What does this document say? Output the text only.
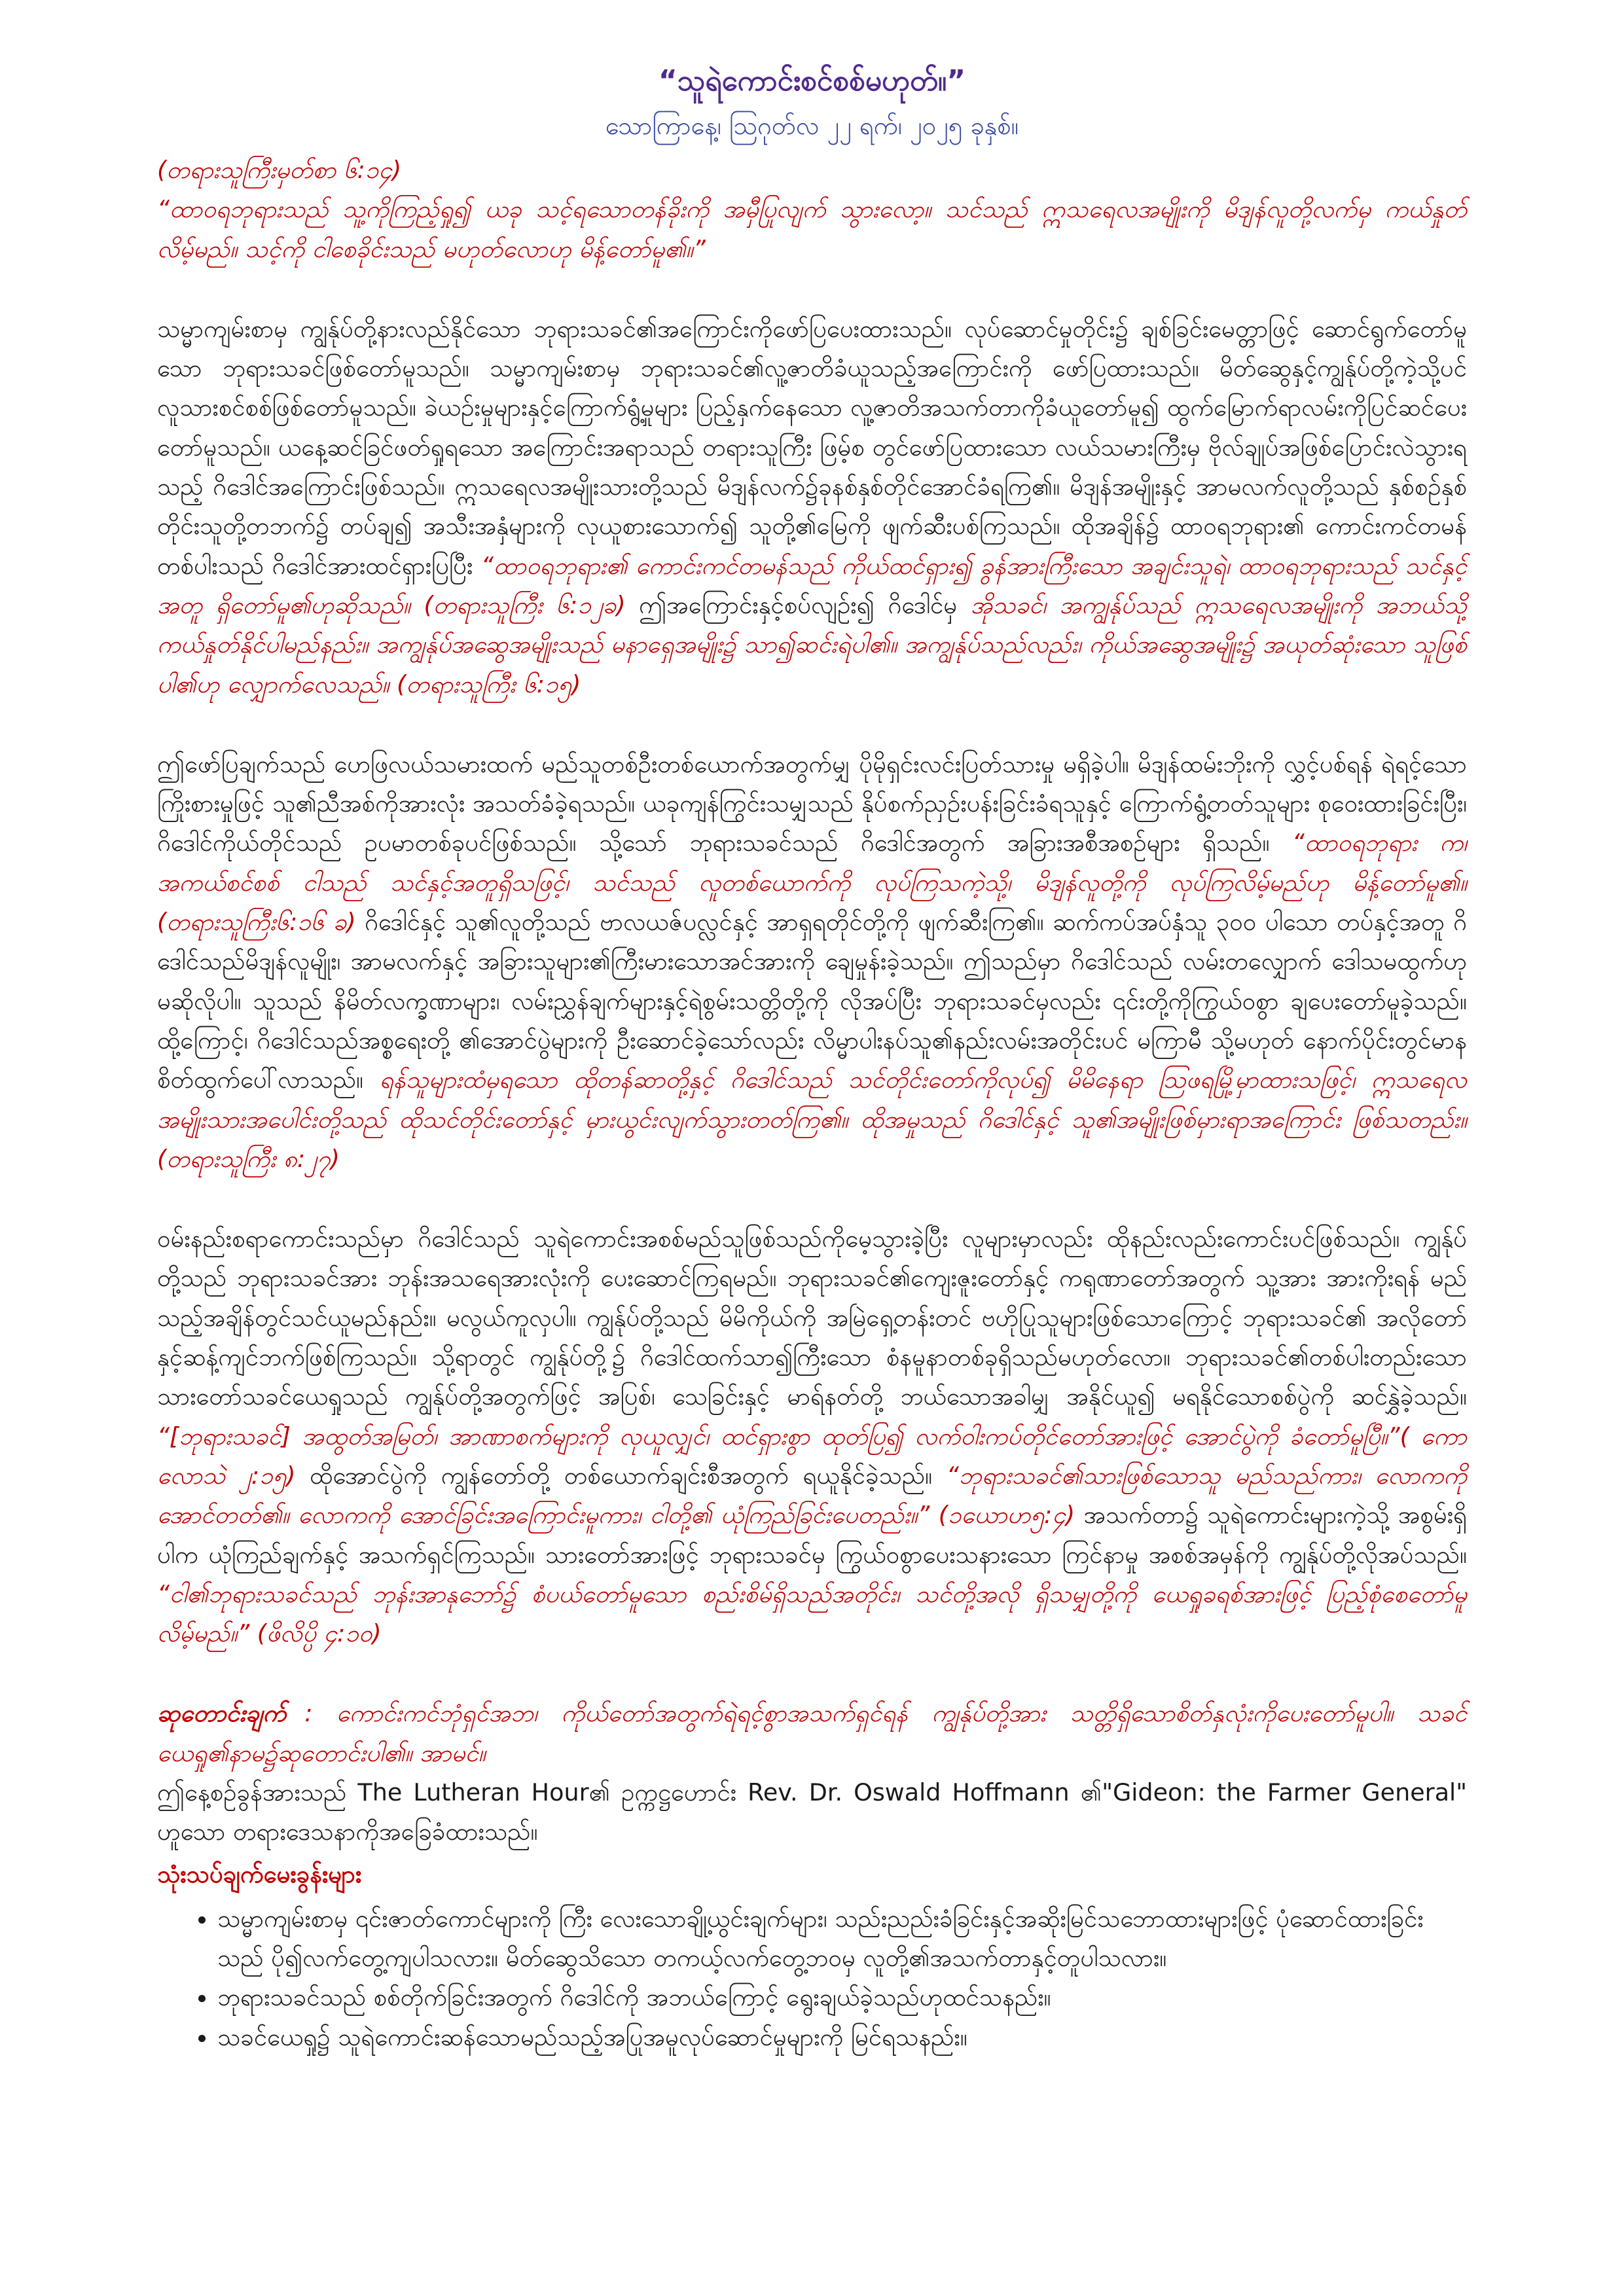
“သူရဲကောင်းစင်စစ်မဟုတ်။”
သောကြာနေ့၊ ဩဂုတ်လ ၂၂ ရက်၊ ၂၀၂၅ ခုနှစ်။

(တရားသူကြီးမှတ်စာ ၆:၁၄)

“ထာဝရဘုရားသည် သူ့ကိုကြည့်ရှု၍ ယခု သင့်ရသောတန်ခိုးကို အမှီပြုလျက် သွားလော့။ သင်သည် ဣသရေလအမျိုးကို မိဒျန်လူတို့လက်မှ ကယ်နှုတ်လိမ့်မည်။ သင့်ကို ငါစေခိုင်းသည် မဟုတ်လောဟု မိန့်တော်မူ၏။”

သမ္မာကျမ်းစာမှ ကျွန်ုပ်တို့နားလည်နိုင်သော ဘုရားသခင်၏အကြောင်းကိုဖော်ပြပေးထားသည်။ လုပ်ဆောင်မှုတိုင်း၌ ချစ်ခြင်းမေတ္တာဖြင့် ဆောင်ရွက်တော်မူသော ဘုရားသခင်ဖြစ်တော်မူသည်။ သမ္မာကျမ်းစာမှ ဘုရားသခင်၏လူ့ဇာတိခံယူသည့်အကြောင်းကို ဖော်ပြထားသည်။ မိတ်ဆွေနှင့်ကျွန်ုပ်တို့ကဲ့သို့ပင် လူသားစင်စစ်ဖြစ်တော်မူသည်။ ခဲယဉ်းမှုများနှင့်ကြောက်ရွံ့မှုများ ပြည့်နှက်နေသော လူ့ဇာတိအသက်တာကိုခံယူတော်မူ၍ ထွက်မြောက်ရာလမ်းကိုပြင်ဆင်ပေးတော်မူသည်။ ယနေ့ဆင်ခြင်ဖတ်ရှုရသော အကြောင်းအရာသည် တရားသူကြီး ဖြမ့်စ တွင်ဖော်ပြထားသော လယ်သမားကြီးမှ ဗိုလ်ချုပ်အဖြစ်ပြောင်းလဲသွားရသည့် ဂိဒေါင်အကြောင်းဖြစ်သည်။ ဣသရေလအမျိုးသားတို့သည် မိဒျန်လက်၌ခုနစ်နှစ်တိုင်အောင်ခံရကြ၏။ မိဒျန်အမျိုးနှင့် အာမလက်လူတို့သည် နှစ်စဉ်နှစ်တိုင်းသူတို့တဘက်၌ တပ်ချ၍ အသီးအနှံများကို လုယူစားသောက်၍ သူတို့၏မြေကို ဖျက်ဆီးပစ်ကြသည်။ ထိုအချိန်၌ ထာဝရဘုရား၏ ကောင်းကင်တမန်တစ်ပါးသည် ဂိဒေါင်အားထင်ရှားပြပြီး “ထာဝရဘုရား၏ ကောင်းကင်တမန်သည် ကိုယ်ထင်ရှား၍ ခွန်အားကြီးသော အချင်းသူရဲ၊ ထာဝရဘုရားသည် သင်နှင့်အတူ ရှိတော်မူ၏ဟုဆိုသည်။ (တရားသူကြီး ၆:၁၂ခ) ဤအကြောင်းနှင့်စပ်လျဥ်း၍ ဂိဒေါင်မှ အိုသခင်၊ အကျွန်ုပ်သည် ဣသရေလအမျိုးကို အဘယ်သို့ ကယ်နှုတ်နိုင်ပါမည်နည်း။ အကျွန်ုပ်အဆွေအမျိုးသည် မနာရှေအမျိုး၌ သာ၍ဆင်းရဲပါ၏။ အကျွန်ုပ်သည်လည်း၊ ကိုယ်အဆွေအမျိုး၌ အယုတ်ဆုံးသော သူဖြစ်ပါ၏ဟု လျှောက်လေသည်။ (တရားသူကြီး ၆:၁၅)

ဤဖော်ပြချက်သည် ဟေဖြလယ်သမားထက် မည်သူတစ်ဦးတစ်ယောက်အတွက်မျှ ပိုမိုရှင်းလင်းပြတ်သားမှု မရှိခဲ့ပါ။ မိဒျန်ထမ်းဘိုးကို လွှင့်ပစ်ရန် ရဲရင့်သောကြိုးစားမှုဖြင့် သူ၏ညီအစ်ကိုအားလုံး အသတ်ခံခဲ့ရသည်။ ယခုကျန်ကြွင်းသမျှသည် နိုပ်စက်ညှဉ်းပန်းခြင်းခံရသူနှင့် ကြောက်ရွံ့တတ်သူများ စုဝေးထားခြင်းပြီး၊ ဂိဒေါင်ကိုယ်တိုင်သည် ဥပမာတစ်ခုပင်ဖြစ်သည်။ သို့သော် ဘုရားသခင်သည် ဂိဒေါင်အတွက် အခြားအစီအစဉ်များ ရှိသည်။ “ထာဝရဘုရား က၊ အကယ်စင်စစ် ငါသည် သင်နှင့်အတူရှိသဖြင့်၊ သင်သည် လူတစ်ယောက်ကို လုပ်ကြသကဲ့သို့၊ မိဒျန်လူတို့ကို လုပ်ကြလိမ့်မည်ဟု မိန့်တော်မူ၏။ (တရားသူကြီး၆:၁၆ ခ) ဂိဒေါင်နှင့် သူ၏လူတို့သည် ဗာလယဇ်ပလ္လင်နှင့် အာရှရတိုင်တို့ကို ဖျက်ဆီးကြ၏။ ဆက်ကပ်အပ်နှံသူ ၃၀၀ ပါသော တပ်နှင့်အတူ ဂိဒေါင်သည်မိဒျန်လူမျိုး၊ အာမလက်နှင့် အခြားသူများ၏ကြီးမားသောအင်အားကို ချေမှုန်းခဲ့သည်။ ဤသည်မှာ ဂိဒေါင်သည် လမ်းတလျှောက် ဒေါသမထွက်ဟု မဆိုလိုပါ။ သူသည် နိမိတ်လက္ခဏာများ၊ လမ်းညွှန်ချက်များနှင့်ရဲစွမ်းသတ္တိတို့ကို လိုအပ်ပြီး ဘုရားသခင်မှလည်း ၎င်းတို့ကိုကြွယ်ဝစွာ ချပေးတော်မူခဲ့သည်။ ထို့ကြောင့်၊ ဂိဒေါင်သည်အစ္စရေးတို့ ၏အောင်ပွဲများကို ဦးဆောင်ခဲ့သော်လည်း လိမ္မာပါးနပ်သူ၏နည်းလမ်းအတိုင်းပင် မကြာမီ သို့မဟုတ် နောက်ပိုင်းတွင်မာနစိတ်ထွက်ပေါ်လာသည်။ ရန်သူများထံမှရသော ထိုတန်ဆာတို့နှင့် ဂိဒေါင်သည် သင်တိုင်းတော်ကိုလုပ်၍ မိမိနေရာ ဩဖရမြို့မှာထားသဖြင့်၊ ဣသရေလအမျိုးသားအပေါင်းတို့သည် ထိုသင်တိုင်းတော်နှင့် မှားယွင်းလျက်သွားတတ်ကြ၏။ ထိုအမှုသည် ဂိဒေါင်နှင့် သူ၏အမျိုးဖြစ်မှားရာအကြောင်း ဖြစ်သတည်း။ (တရားသူကြီး ၈:၂၇)

ဝမ်းနည်းစရာကောင်းသည်မှာ ဂိဒေါင်သည် သူရဲကောင်းအစစ်မည်သူဖြစ်သည်ကိုမေ့သွားခဲ့ပြီး လူများမှာလည်း ထိုနည်းလည်းကောင်းပင်ဖြစ်သည်။ ကျွန်ုပ်တို့သည် ဘုရားသခင်အား ဘုန်းအသရေအားလုံးကို ပေးဆောင်ကြရမည်။ ဘုရားသခင်၏ကျေးဇူးတော်နှင့် ကရုဏာတော်အတွက် သူ့အား အားကိုးရန် မည်သည့်အချိန်တွင်သင်ယူမည်နည်း။ မလွယ်ကူလှပါ။ ကျွန်ုပ်တို့သည် မိမိကိုယ်ကို အမြဲရှေ့တန်းတင် ဗဟိုပြုသူများဖြစ်သောကြောင့် ဘုရားသခင်၏ အလိုတော်နှင့်ဆန့်ကျင်ဘက်ဖြစ်ကြသည်။ သို့ရာတွင် ကျွန်ုပ်တို့၌ ဂိဒေါင်ထက်သာ၍ကြီးသော စံနမူနာတစ်ခုရှိသည်မဟုတ်လော။ ဘုရားသခင်၏တစ်ပါးတည်းသောသားတော်သခင်ယေရှုသည် ကျွန်ုပ်တို့အတွက်ဖြင့် အပြစ်၊ သေခြင်းနှင့် မာရ်နတ်တို့ ဘယ်သောအခါမျှ အနိုင်ယူ၍ မရနိုင်သောစစ်ပွဲကို ဆင်နွှဲခဲ့သည်။ “[ဘုရားသခင်] အထွတ်အမြတ်၊ အာဏာစက်များကို လုယူလျှင်၊ ထင်ရှားစွာ ထုတ်ပြ၍ လက်ဝါးကပ်တိုင်တော်အားဖြင့် အောင်ပွဲကို ခံတော်မူပြီ။”( ကောလောသဲ ၂:၁၅) ထိုအောင်ပွဲကို ကျွန်တော်တို့ တစ်ယောက်ချင်းစီအတွက် ရယူနိုင်ခဲ့သည်။ “ဘုရားသခင်၏သားဖြစ်သောသူ မည်သည်ကား၊ လောကကို အောင်တတ်၏။ လောကကို အောင်ခြင်းအကြောင်းမူကား၊ ငါတို့၏ ယုံကြည်ခြင်းပေတည်း။” (၁ယောဟ၅:၄) အသက်တာ၌ သူရဲကောင်းများကဲ့သို့ အစွမ်းရှိပါက ယုံကြည်ချက်နှင့် အသက်ရှင်ကြသည်။ သားတော်အားဖြင့် ဘုရားသခင်မှ ကြွယ်ဝစွာပေးသနားသော ကြင်နာမှု အစစ်အမှန်ကို ကျွန်ုပ်တို့လိုအပ်သည်။ “ငါ၏ဘုရားသခင်သည် ဘုန်းအာနုဘော်၌ စံပယ်တော်မူသော စည်းစိမ်ရှိသည်အတိုင်း၊ သင်တို့အလို ရှိသမျှတို့ကို ယေရှုခရစ်အားဖြင့် ပြည့်စုံစေတော်မူလိမ့်မည်။” (ဖိလိပ္ပိ ၄:၁၀)

ဆုတောင်းချက် : ကောင်းကင်ဘုံရှင်အဘ၊ ကိုယ်တော်အတွက်ရဲရင့်စွာအသက်ရှင်ရန် ကျွန်ုပ်တို့အား သတ္တိရှိသောစိတ်နှလုံးကိုပေးတော်မူပါ။ သခင်ယေရှု၏နာမ၌ဆုတောင်းပါ၏။ အာမင်။

ဤနေ့စဥ်ခွန်အားသည် The Lutheran Hour၏ ဥက္ကဋ္ဌဟောင်း Rev. Dr. Oswald Hoffmann ၏"Gideon: the Farmer General" ဟူသော တရားဒေသနာကိုအခြေခံထားသည်။

သုံးသပ်ချက်မေးခွန်းများ
• သမ္မာကျမ်းစာမှ ၎င်းဇာတ်ကောင်များကို ကြီး လေးသောချို့ယွင်းချက်များ၊ သည်းညည်းခံခြင်းနှင့်အဆိုးမြင်သဘောထားများဖြင့် ပုံဆောင်ထားခြင်းသည် ပို၍လက်တွေ့ကျပါသလား။ မိတ်ဆွေသိသော တကယ့်လက်တွေ့ဘဝမှ လူတို့၏အသက်တာနှင့်တူပါသလား။
• ဘုရားသခင်သည် စစ်တိုက်ခြင်းအတွက် ဂိဒေါင်ကို အဘယ်ကြောင့် ရွေးချယ်ခဲ့သည်ဟုထင်သနည်း။
• သခင်ယေရှု၌ သူရဲကောင်းဆန်သောမည်သည့်အပြုအမူလုပ်ဆောင်မှုများကို မြင်ရသနည်း။
